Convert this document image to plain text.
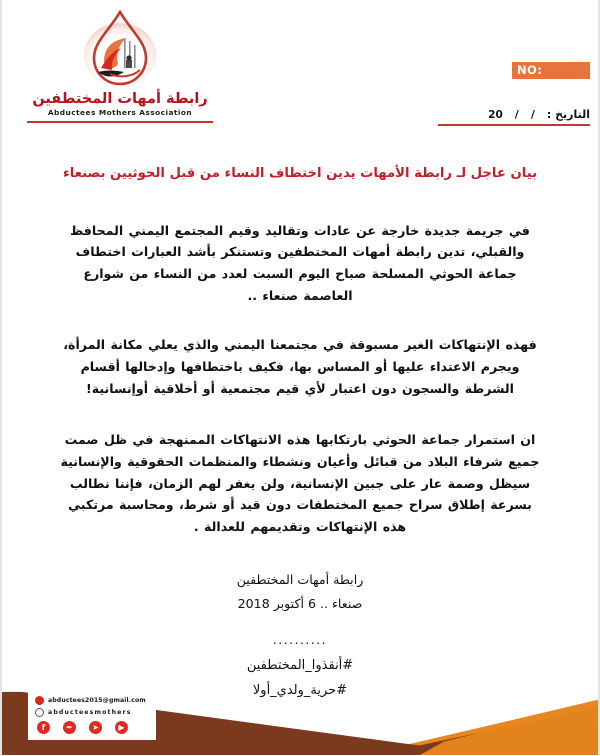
رابطة أمهات المختطفين
Abductees Mothers Association
NO:
التاريخ :
/
/
20
بيان عاجل لـ رابطة الأمهات يدين اختطاف النساء من قبل الحوثيين بصنعاء
في جريمة جديدة خارجة عن عادات وتقاليد وقيم المجتمع اليمني المحافظ والقبلي، تدين رابطة أمهات المختطفين وتستنكر بأشد العبارات اختطاف جماعة الحوثي المسلحة صباح اليوم السبت لعدد من النساء من شوارع العاصمة صنعاء ..
فهذه الإنتهاكات الغير مسبوقة في مجتمعنا اليمني والذي يعلي مكانة المرأة، ويجرم الاعتداء عليها أو المساس بها، فكيف باختطافها وإدخالها أقسام الشرطة والسجون دون اعتبار لأي قيم مجتمعية أو أخلاقية أوإنسانية!
ان استمرار جماعة الحوثي بارتكابها هذه الانتهاكات الممنهجة في ظل صمت جميع شرفاء البلاد من قبائل وأعيان ونشطاء والمنظمات الحقوقية والإنسانية سيظل وصمة عار على جبين الإنسانية، ولن يغفر لهم الزمان، فإننا نطالب بسرعة إطلاق سراح جميع المختطفات دون قيد أو شرط، ومحاسبة مرتكبي هذه الإنتهاكات وتقديمهم للعدالة .
رابطة أمهات المختطفين
صنعاء .. 6 أكتوبر 2018
..........
#أنقذوا_المختطفين
#حرية_ولدي_أولا
abductees2015@gmail.com
abducteesmothers
f	✒	➤	▶
